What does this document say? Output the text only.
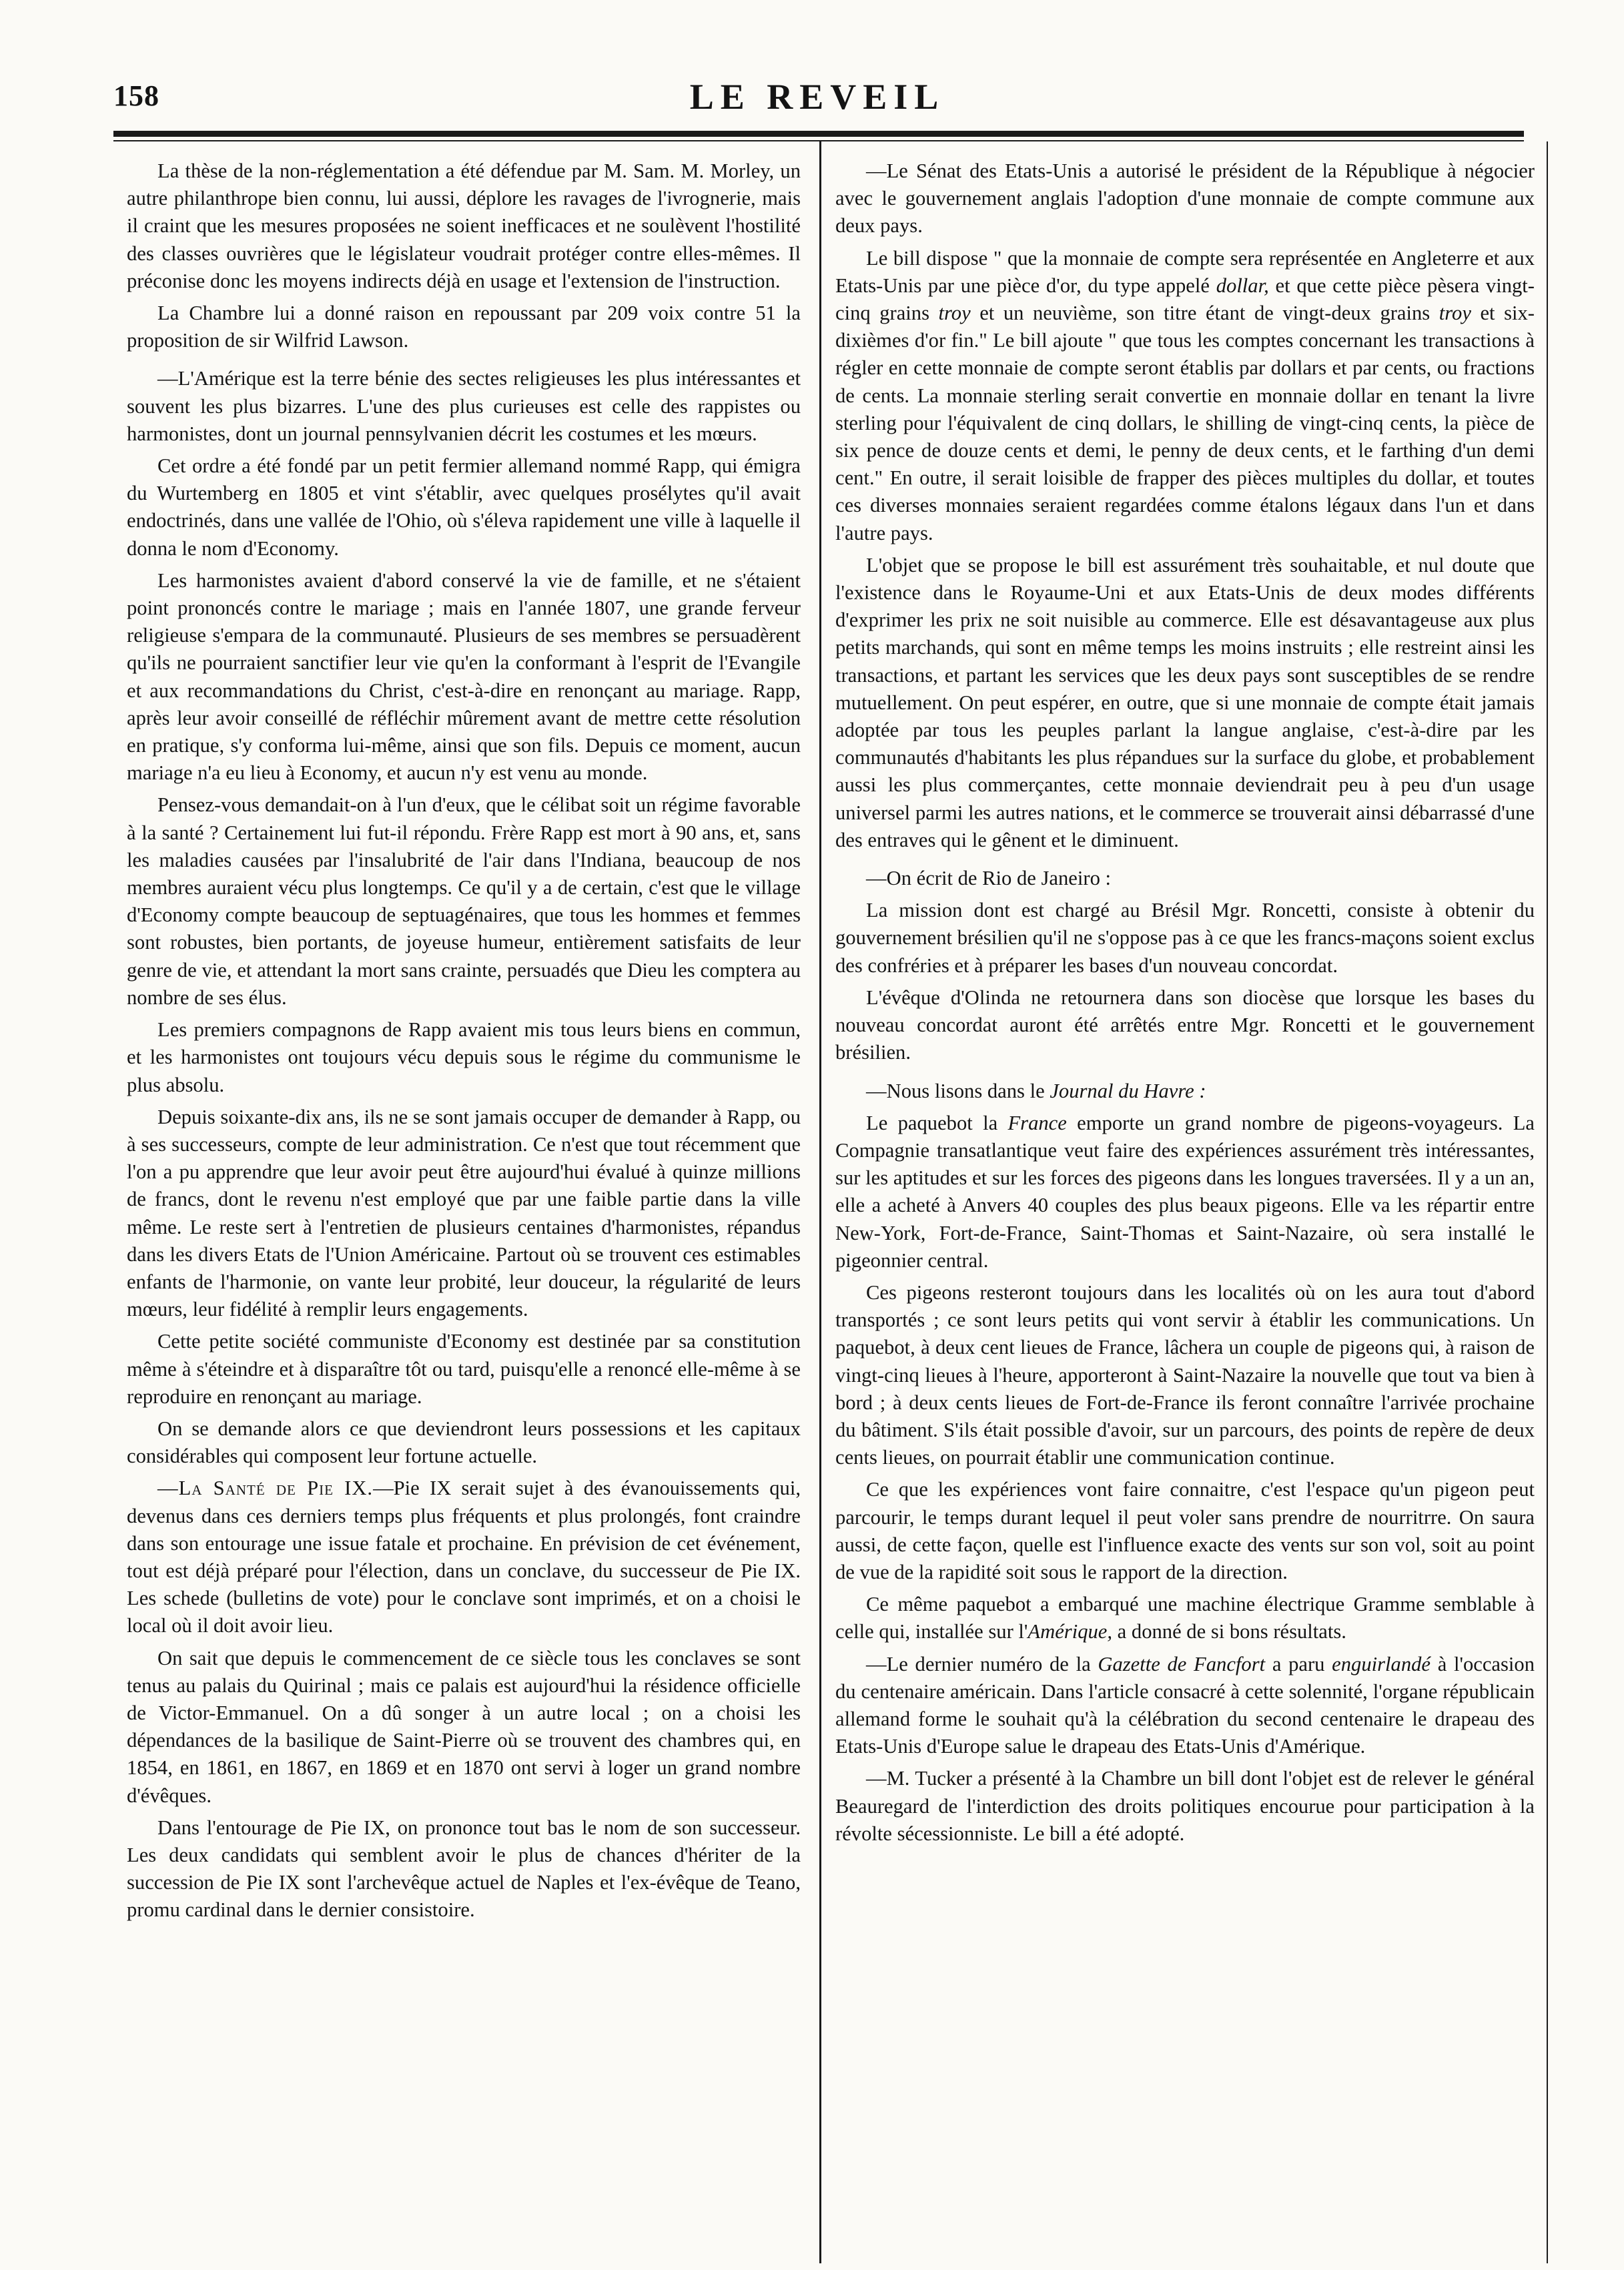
158	LE REVEIL

La thèse de la non-réglementation a été défendue par M. Sam. M. Morley, un autre philanthrope bien connu, lui aussi, déplore les ravages de l'ivrognerie, mais il craint que les mesures proposées ne soient inefficaces et ne soulèvent l'hostilité des classes ouvrières que le législateur voudrait protéger contre elles-mêmes. Il préconise donc les moyens indirects déjà en usage et l'extension de l'instruction.

La Chambre lui a donné raison en repoussant par 209 voix contre 51 la proposition de sir Wilfrid Lawson.

—L'Amérique est la terre bénie des sectes religieuses les plus intéressantes et souvent les plus bizarres. L'une des plus curieuses est celle des rappistes ou harmonistes, dont un journal pennsylvanien décrit les costumes et les mœurs.

Cet ordre a été fondé par un petit fermier allemand nommé Rapp, qui émigra du Wurtemberg en 1805 et vint s'établir, avec quelques prosélytes qu'il avait endoctrinés, dans une vallée de l'Ohio, où s'éleva rapidement une ville à laquelle il donna le nom d'Economy.

Les harmonistes avaient d'abord conservé la vie de famille, et ne s'étaient point prononcés contre le mariage ; mais en l'année 1807, une grande ferveur religieuse s'empara de la communauté. Plusieurs de ses membres se persuadèrent qu'ils ne pourraient sanctifier leur vie qu'en la conformant à l'esprit de l'Evangile et aux recommandations du Christ, c'est-à-dire en renonçant au mariage. Rapp, après leur avoir conseillé de réfléchir mûrement avant de mettre cette résolution en pratique, s'y conforma lui-même, ainsi que son fils. Depuis ce moment, aucun mariage n'a eu lieu à Economy, et aucun n'y est venu au monde.

Pensez-vous demandait-on à l'un d'eux, que le célibat soit un régime favorable à la santé ? Certainement lui fut-il répondu. Frère Rapp est mort à 90 ans, et, sans les maladies causées par l'insalubrité de l'air dans l'Indiana, beaucoup de nos membres auraient vécu plus longtemps. Ce qu'il y a de certain, c'est que le village d'Economy compte beaucoup de septuagénaires, que tous les hommes et femmes sont robustes, bien portants, de joyeuse humeur, entièrement satisfaits de leur genre de vie, et attendant la mort sans crainte, persuadés que Dieu les comptera au nombre de ses élus.

Les premiers compagnons de Rapp avaient mis tous leurs biens en commun, et les harmonistes ont toujours vécu depuis sous le régime du communisme le plus absolu.

Depuis soixante-dix ans, ils ne se sont jamais occuper de demander à Rapp, ou à ses successeurs, compte de leur administration. Ce n'est que tout récemment que l'on a pu apprendre que leur avoir peut être aujourd'hui évalué à quinze millions de francs, dont le revenu n'est employé que par une faible partie dans la ville même. Le reste sert à l'entretien de plusieurs centaines d'harmonistes, répandus dans les divers Etats de l'Union Américaine. Partout où se trouvent ces estimables enfants de l'harmonie, on vante leur probité, leur douceur, la régularité de leurs mœurs, leur fidélité à remplir leurs engagements.

Cette petite société communiste d'Economy est destinée par sa constitution même à s'éteindre et à disparaître tôt ou tard, puisqu'elle a renoncé elle-même à se reproduire en renonçant au mariage.

On se demande alors ce que deviendront leurs possessions et les capitaux considérables qui composent leur fortune actuelle.

—La Santé de Pie IX.—Pie IX serait sujet à des évanouissements qui, devenus dans ces derniers temps plus fréquents et plus prolongés, font craindre dans son entourage une issue fatale et prochaine. En prévision de cet événement, tout est déjà préparé pour l'élection, dans un conclave, du successeur de Pie IX. Les schede (bulletins de vote) pour le conclave sont imprimés, et on a choisi le local où il doit avoir lieu.

On sait que depuis le commencement de ce siècle tous les conclaves se sont tenus au palais du Quirinal ; mais ce palais est aujourd'hui la résidence officielle de Victor-Emmanuel. On a dû songer à un autre local ; on a choisi les dépendances de la basilique de Saint-Pierre où se trouvent des chambres qui, en 1854, en 1861, en 1867, en 1869 et en 1870 ont servi à loger un grand nombre d'évêques.

Dans l'entourage de Pie IX, on prononce tout bas le nom de son successeur. Les deux candidats qui semblent avoir le plus de chances d'hériter de la succession de Pie IX sont l'archevêque actuel de Naples et l'ex-évêque de Teano, promu cardinal dans le dernier consistoire.

—Le Sénat des Etats-Unis a autorisé le président de la République à négocier avec le gouvernement anglais l'adoption d'une monnaie de compte commune aux deux pays.

Le bill dispose " que la monnaie de compte sera représentée en Angleterre et aux Etats-Unis par une pièce d'or, du type appelé dollar, et que cette pièce pèsera vingt-cinq grains troy et un neuvième, son titre étant de vingt-deux grains troy et six-dixièmes d'or fin." Le bill ajoute " que tous les comptes concernant les transactions à régler en cette monnaie de compte seront établis par dollars et par cents, ou fractions de cents. La monnaie sterling serait convertie en monnaie dollar en tenant la livre sterling pour l'équivalent de cinq dollars, le shilling de vingt-cinq cents, la pièce de six pence de douze cents et demi, le penny de deux cents, et le farthing d'un demi cent." En outre, il serait loisible de frapper des pièces multiples du dollar, et toutes ces diverses monnaies seraient regardées comme étalons légaux dans l'un et dans l'autre pays.

L'objet que se propose le bill est assurément très souhaitable, et nul doute que l'existence dans le Royaume-Uni et aux Etats-Unis de deux modes différents d'exprimer les prix ne soit nuisible au commerce. Elle est désavantageuse aux plus petits marchands, qui sont en même temps les moins instruits ; elle restreint ainsi les transactions, et partant les services que les deux pays sont susceptibles de se rendre mutuellement. On peut espérer, en outre, que si une monnaie de compte était jamais adoptée par tous les peuples parlant la langue anglaise, c'est-à-dire par les communautés d'habitants les plus répandues sur la surface du globe, et probablement aussi les plus commerçantes, cette monnaie deviendrait peu à peu d'un usage universel parmi les autres nations, et le commerce se trouverait ainsi débarrassé d'une des entraves qui le gênent et le diminuent.

—On écrit de Rio de Janeiro :

La mission dont est chargé au Brésil Mgr. Roncetti, consiste à obtenir du gouvernement brésilien qu'il ne s'oppose pas à ce que les francs-maçons soient exclus des confréries et à préparer les bases d'un nouveau concordat.

L'évêque d'Olinda ne retournera dans son diocèse que lorsque les bases du nouveau concordat auront été arrêtés entre Mgr. Roncetti et le gouvernement brésilien.

—Nous lisons dans le Journal du Havre :

Le paquebot la France emporte un grand nombre de pigeons-voyageurs. La Compagnie transatlantique veut faire des expériences assurément très intéressantes, sur les aptitudes et sur les forces des pigeons dans les longues traversées. Il y a un an, elle a acheté à Anvers 40 couples des plus beaux pigeons. Elle va les répartir entre New-York, Fort-de-France, Saint-Thomas et Saint-Nazaire, où sera installé le pigeonnier central.

Ces pigeons resteront toujours dans les localités où on les aura tout d'abord transportés ; ce sont leurs petits qui vont servir à établir les communications. Un paquebot, à deux cent lieues de France, lâchera un couple de pigeons qui, à raison de vingt-cinq lieues à l'heure, apporteront à Saint-Nazaire la nouvelle que tout va bien à bord ; à deux cents lieues de Fort-de-France ils feront connaître l'arrivée prochaine du bâtiment. S'ils était possible d'avoir, sur un parcours, des points de repère de deux cents lieues, on pourrait établir une communication continue.

Ce que les expériences vont faire connaitre, c'est l'espace qu'un pigeon peut parcourir, le temps durant lequel il peut voler sans prendre de nourritrre. On saura aussi, de cette façon, quelle est l'influence exacte des vents sur son vol, soit au point de vue de la rapidité soit sous le rapport de la direction.

Ce même paquebot a embarqué une machine électrique Gramme semblable à celle qui, installée sur l'Amérique, a donné de si bons résultats.

—Le dernier numéro de la Gazette de Fancfort a paru enguirlandé à l'occasion du centenaire américain. Dans l'article consacré à cette solennité, l'organe républicain allemand forme le souhait qu'à la célébration du second centenaire le drapeau des Etats-Unis d'Europe salue le drapeau des Etats-Unis d'Amérique.

—M. Tucker a présenté à la Chambre un bill dont l'objet est de relever le général Beauregard de l'interdiction des droits politiques encourue pour participation à la révolte sécessionniste. Le bill a été adopté.
